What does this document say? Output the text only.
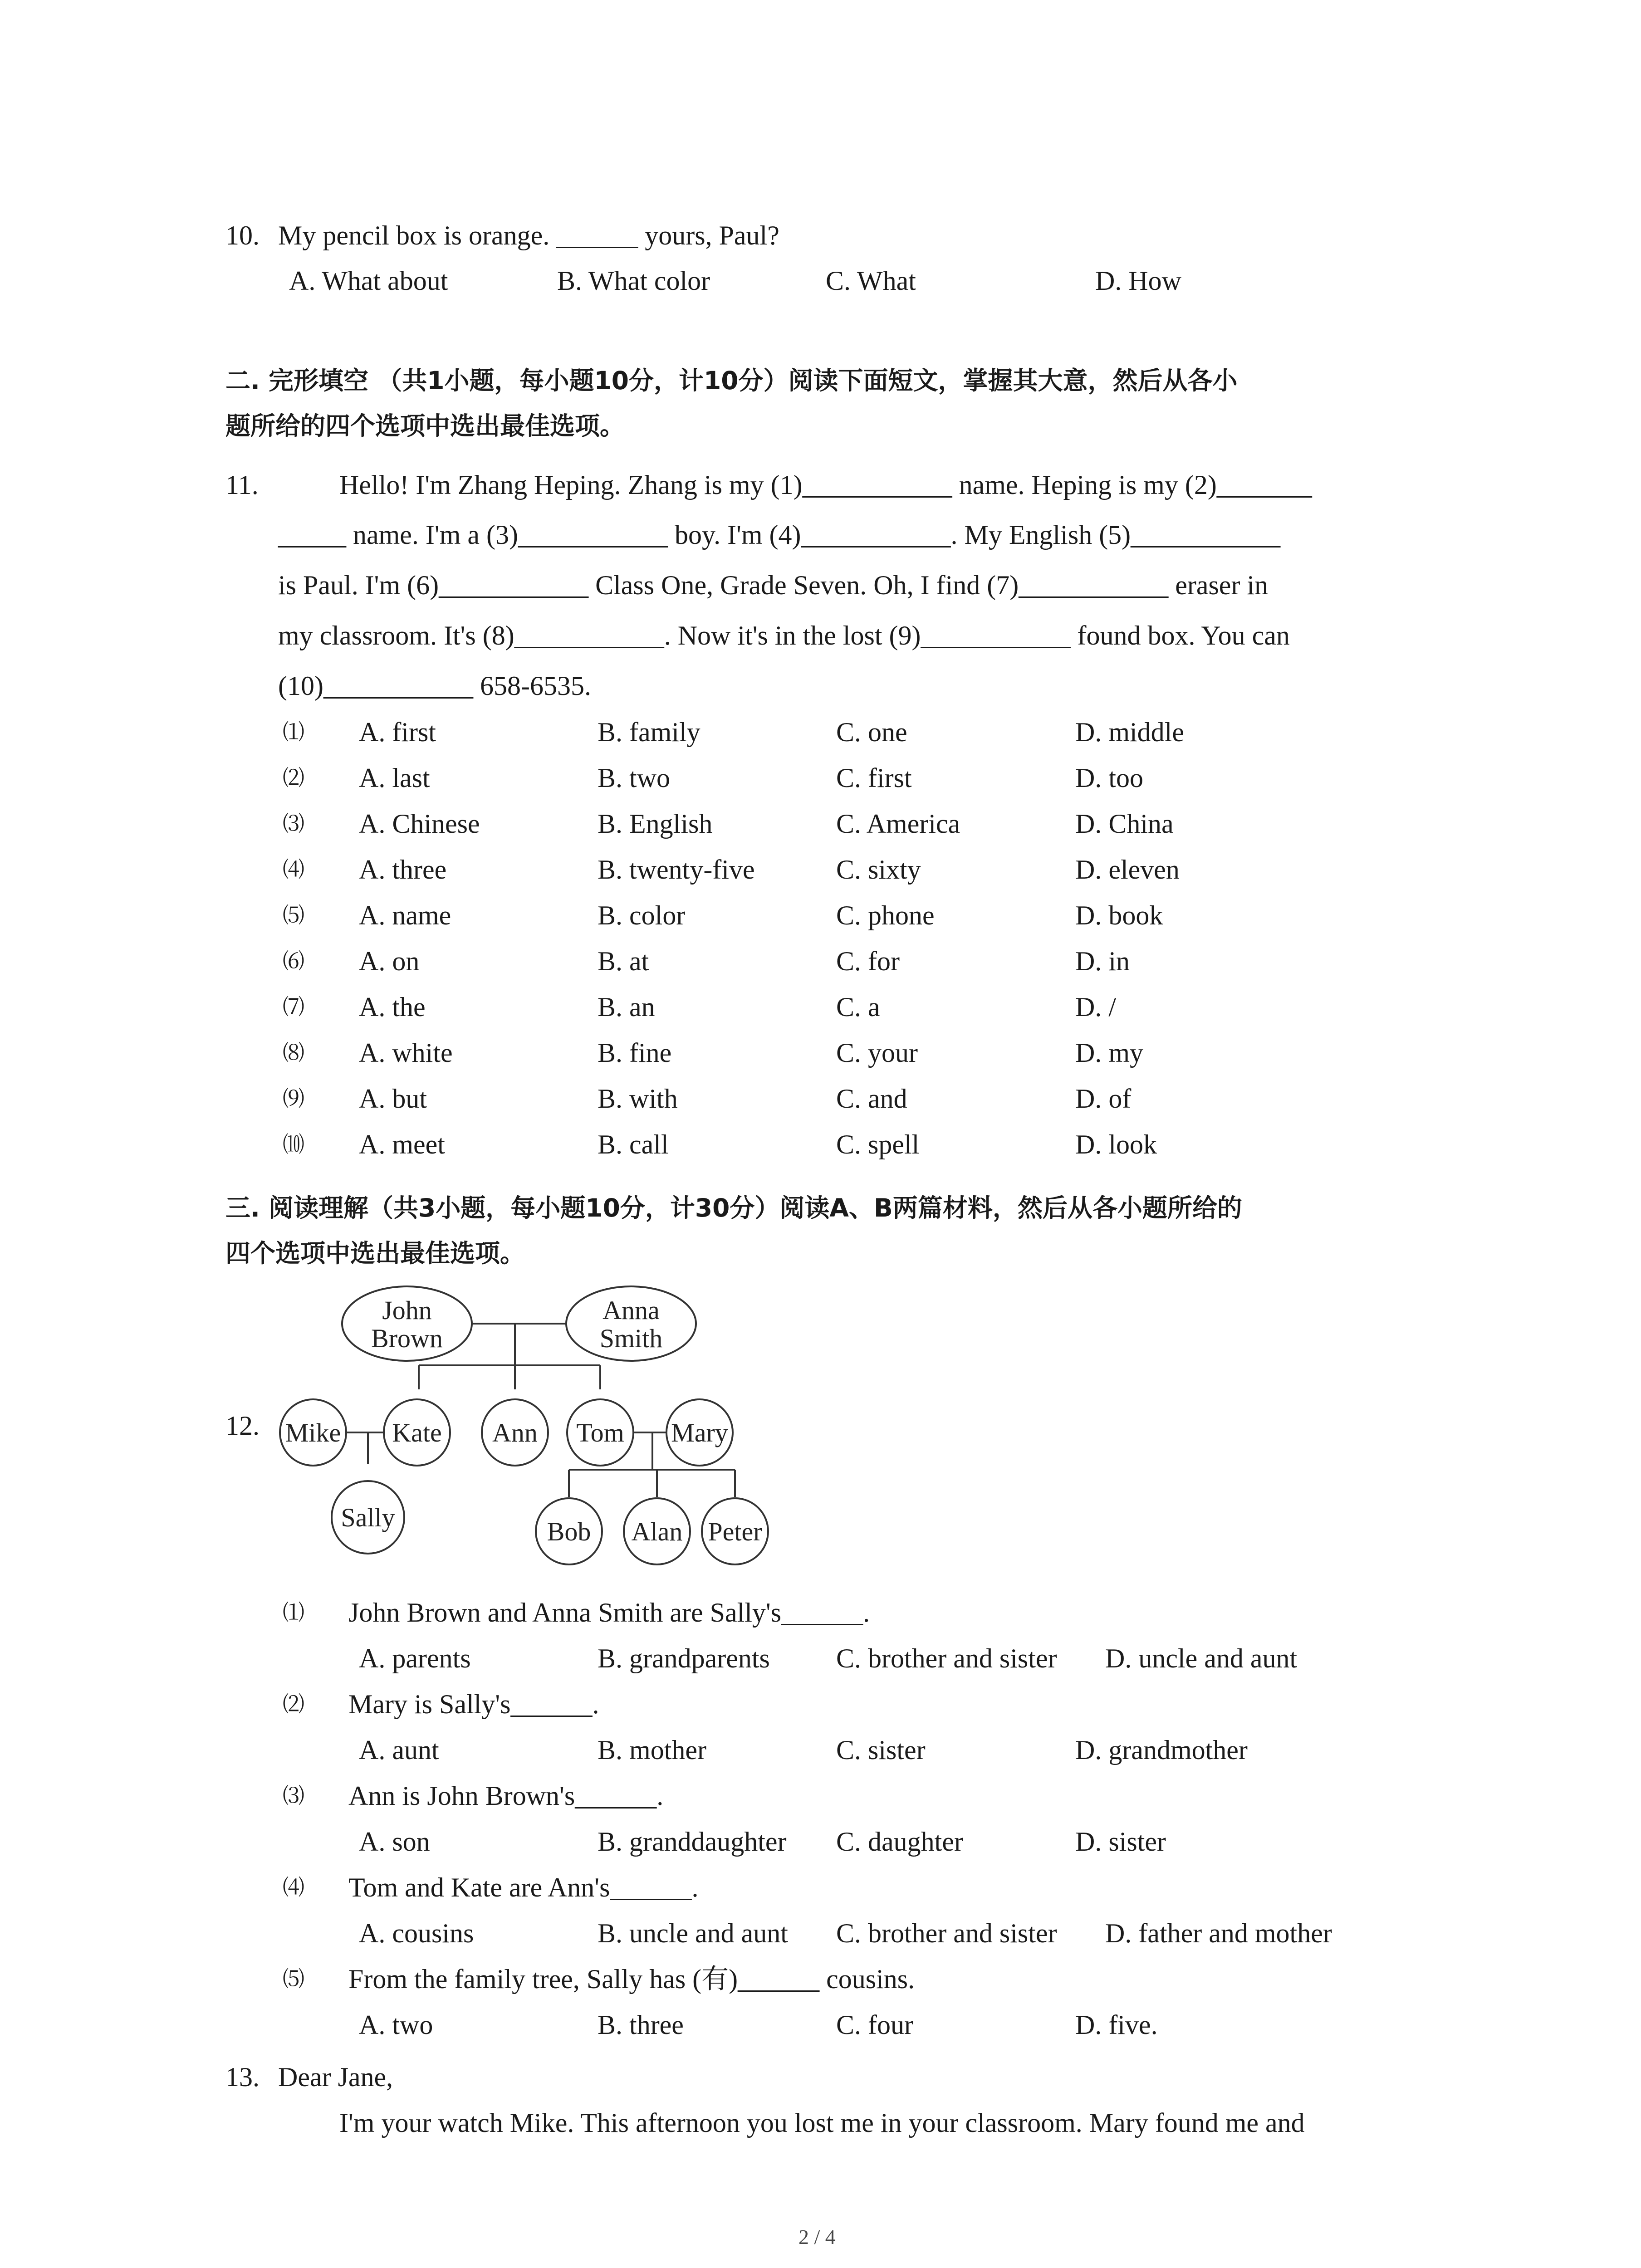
10. My pencil box is orange. ______ yours, Paul?
A. What about	B. What color	C. What	D. How
二. 完形填空 （共1小题，每小题10分，计10分）阅读下面短文，掌握其大意，然后从各小
题所给的四个选项中选出最佳选项。
11.	Hello! I'm Zhang Heping. Zhang is my (1)___________ name. Heping is my (2)_______
_____ name. I'm a (3)___________ boy. I'm (4)___________. My English (5)___________
is Paul. I'm (6)___________ Class One, Grade Seven. Oh, I find (7)___________ eraser in
my classroom. It's (8)___________. Now it's in the lost (9)___________ found box. You can
(10)___________ 658-6535.
⑴ A. first	B. family	C. one	D. middle
⑵ A. last	B. two	C. first	D. too
⑶ A. Chinese	B. English	C. America	D. China
⑷ A. three	B. twenty-five	C. sixty	D. eleven
⑸ A. name	B. color	C. phone	D. book
⑹ A. on	B. at	C. for	D. in
⑺ A. the	B. an	C. a	D. /
⑻ A. white	B. fine	C. your	D. my
⑼ A. but	B. with	C. and	D. of
⑽ A. meet	B. call	C. spell	D. look
三. 阅读理解（共3小题，每小题10分，计30分）阅读A、B两篇材料，然后从各小题所给的
四个选项中选出最佳选项。
12.
John
Brown
Anna
Smith
Mike Kate Ann Tom Mary
Sally	Bob Alan Peter
⑴ John Brown and Anna Smith are Sally's______.
A. parents	B. grandparents C. brother and sister D. uncle and aunt
⑵ Mary is Sally's______.
A. aunt	B. mother	C. sister	D. grandmother
⑶ Ann is John Brown's______.
A. son	B. granddaughter C. daughter	D. sister
⑷ Tom and Kate are Ann's______.
A. cousins	B. uncle and aunt C. brother and sister D. father and mother
⑸ From the family tree, Sally has (有)______ cousins.
A. two	B. three	C. four	D. five.
13. Dear Jane,
I'm your watch Mike. This afternoon you lost me in your classroom. Mary found me and
2 / 4
